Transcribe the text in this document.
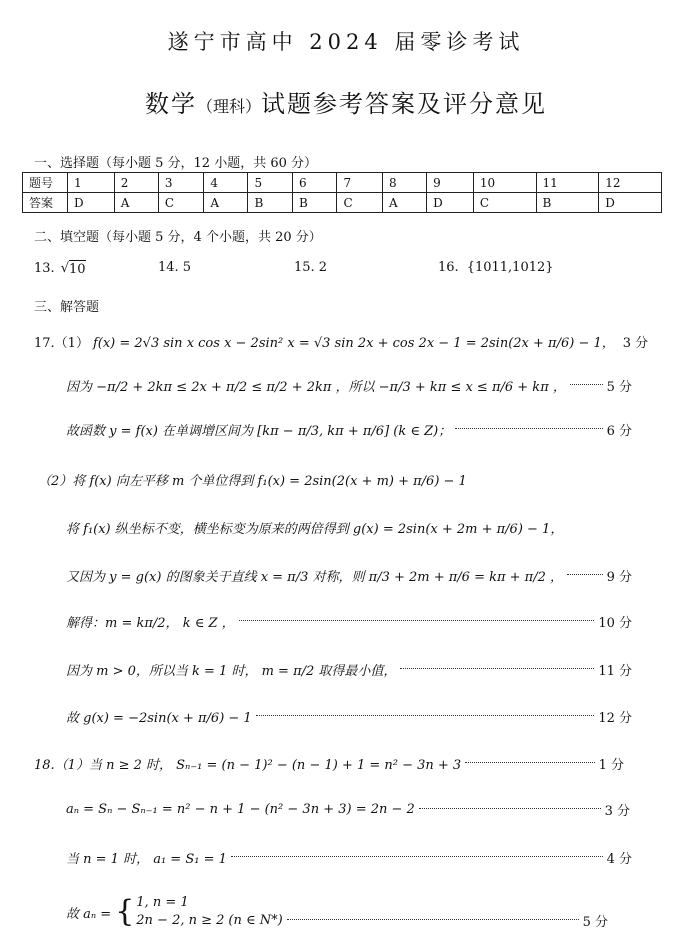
遂宁市高中 2024 届零诊考试
数学（理科）试题参考答案及评分意见
一、选择题（每小题 5 分，12 小题，共 60 分）
题号	1	2	3	4	5	6	7	8	9	10	11	12
答案	D	A	C	A	B	B	C	A	D	C	B	D
二、填空题（每小题 5 分，4 个小题，共 20 分）
13. √ 10	14. 5	15. 2	16. {1011,1012}
三、解答题
17.（1） f(x) = 2√3 sin x cos x − 2sin² x = √3 sin 2x + cos 2x − 1 = 2sin(2x + π/6) − 1， 3 分
因为 −π/2 + 2kπ ≤ 2x + π/2 ≤ π/2 + 2kπ ，所以 −π/3 + kπ ≤ x ≤ π/6 + kπ ，	5 分
故函数 y = f(x) 在单调增区间为 [kπ − π/3, kπ + π/6] (k ∈ Z)；	6 分
（2）将 f(x) 向左平移 m 个单位得到 f₁(x) = 2sin(2(x + m) + π/6) − 1
将 f₁(x) 纵坐标不变，横坐标变为原来的两倍得到 g(x) = 2sin(x + 2m + π/6) − 1，
又因为 y = g(x) 的图象关于直线 x = π/3 对称，则 π/3 + 2m + π/6 = kπ + π/2 ，	9 分
解得：m = kπ/2， k ∈ Z ，	10 分
因为 m > 0，所以当 k = 1 时， m = π/2 取得最小值，	11 分
故 g(x) = −2sin(x + π/6) − 1	12 分
18.（1）当 n ≥ 2 时， Sₙ₋₁ = (n − 1)² − (n − 1) + 1 = n² − 3n + 3	1 分
aₙ = Sₙ − Sₙ₋₁ = n² − n + 1 − (n² − 3n + 3) = 2n − 2	3 分
当 n = 1 时， a₁ = S₁ = 1	4 分
故 aₙ = { 1, n = 1
2n − 2, n ≥ 2 (n ∈ N*)	5 分
